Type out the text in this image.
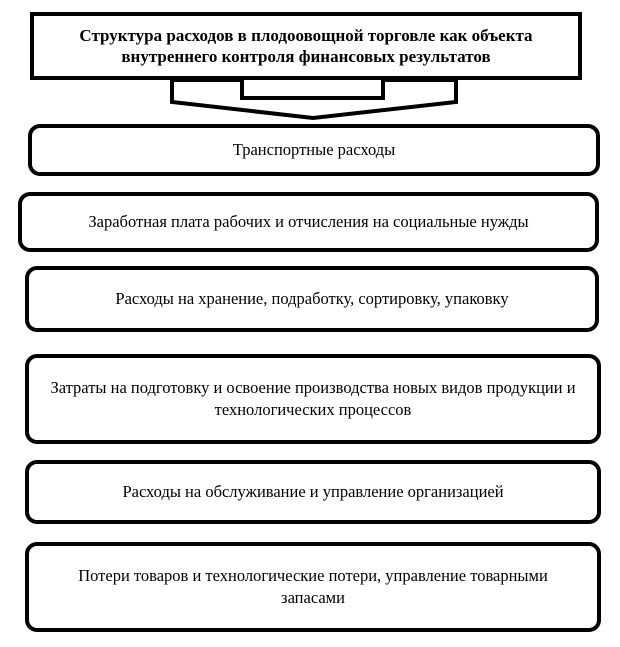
Структура расходов в плодоовощной торговле как объекта внутреннего контроля финансовых результатов
Транспортные расходы
Заработная плата рабочих и отчисления на социальные нужды
Расходы на хранение, подработку, сортировку, упаковку
Затраты на подготовку и освоение производства новых видов продукции и технологических процессов
Расходы на обслуживание и управление организацией
Потери товаров и технологические потери, управление товарными запасами
